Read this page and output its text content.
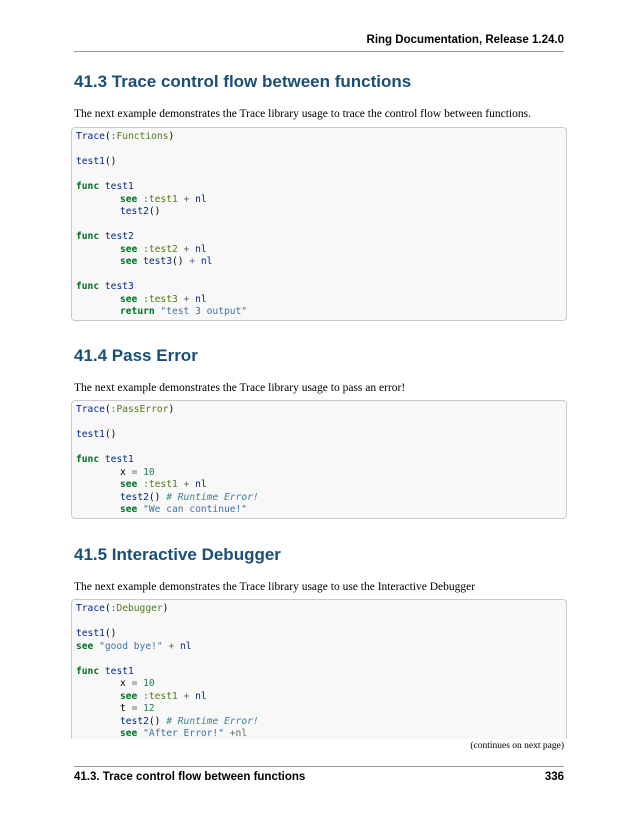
Ring Documentation, Release 1.24.0
41.3 Trace control flow between functions

The next example demonstrates the Trace library usage to trace the control flow between functions.

Trace(:Functions)

test1()

func test1
see :test1 + nl
test2()

func test2
see :test2 + nl
see test3() + nl

func test3
see :test3 + nl
return "test 3 output"
41.4 Pass Error

The next example demonstrates the Trace library usage to pass an error!

Trace(:PassError)

test1()

func test1
x = 10
see :test1 + nl
test2() # Runtime Error!
see "We can continue!"
41.5 Interactive Debugger

The next example demonstrates the Trace library usage to use the Interactive Debugger

Trace(:Debugger)

test1()
see "good bye!" + nl

func test1
x = 10
see :test1 + nl
t = 12
test2() # Runtime Error!
see "After Error!" +nl
(continues on next page)
41.3. Trace control flow between functions	336
